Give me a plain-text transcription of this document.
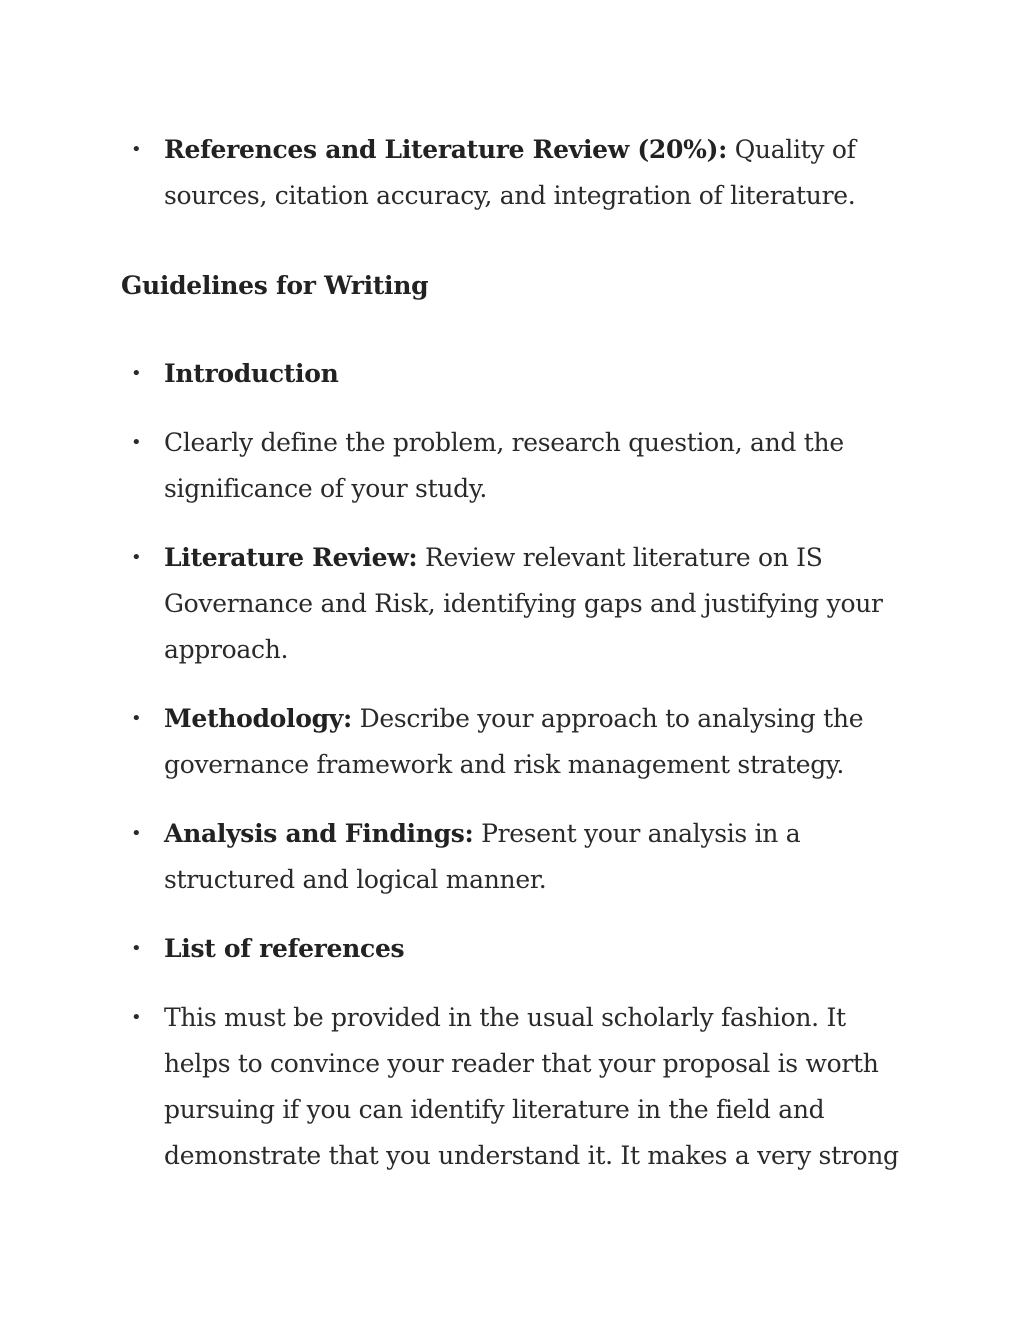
• References and Literature Review (20%): Quality of sources, citation accuracy, and integration of literature.
Guidelines for Writing
• Introduction
• Clearly define the problem, research question, and the significance of your study.
• Literature Review: Review relevant literature on IS Governance and Risk, identifying gaps and justifying your approach.
• Methodology: Describe your approach to analysing the governance framework and risk management strategy.
• Analysis and Findings: Present your analysis in a structured and logical manner.
• List of references
• This must be provided in the usual scholarly fashion. It helps to convince your reader that your proposal is worth pursuing if you can identify literature in the field and demonstrate that you understand it. It makes a very strong
